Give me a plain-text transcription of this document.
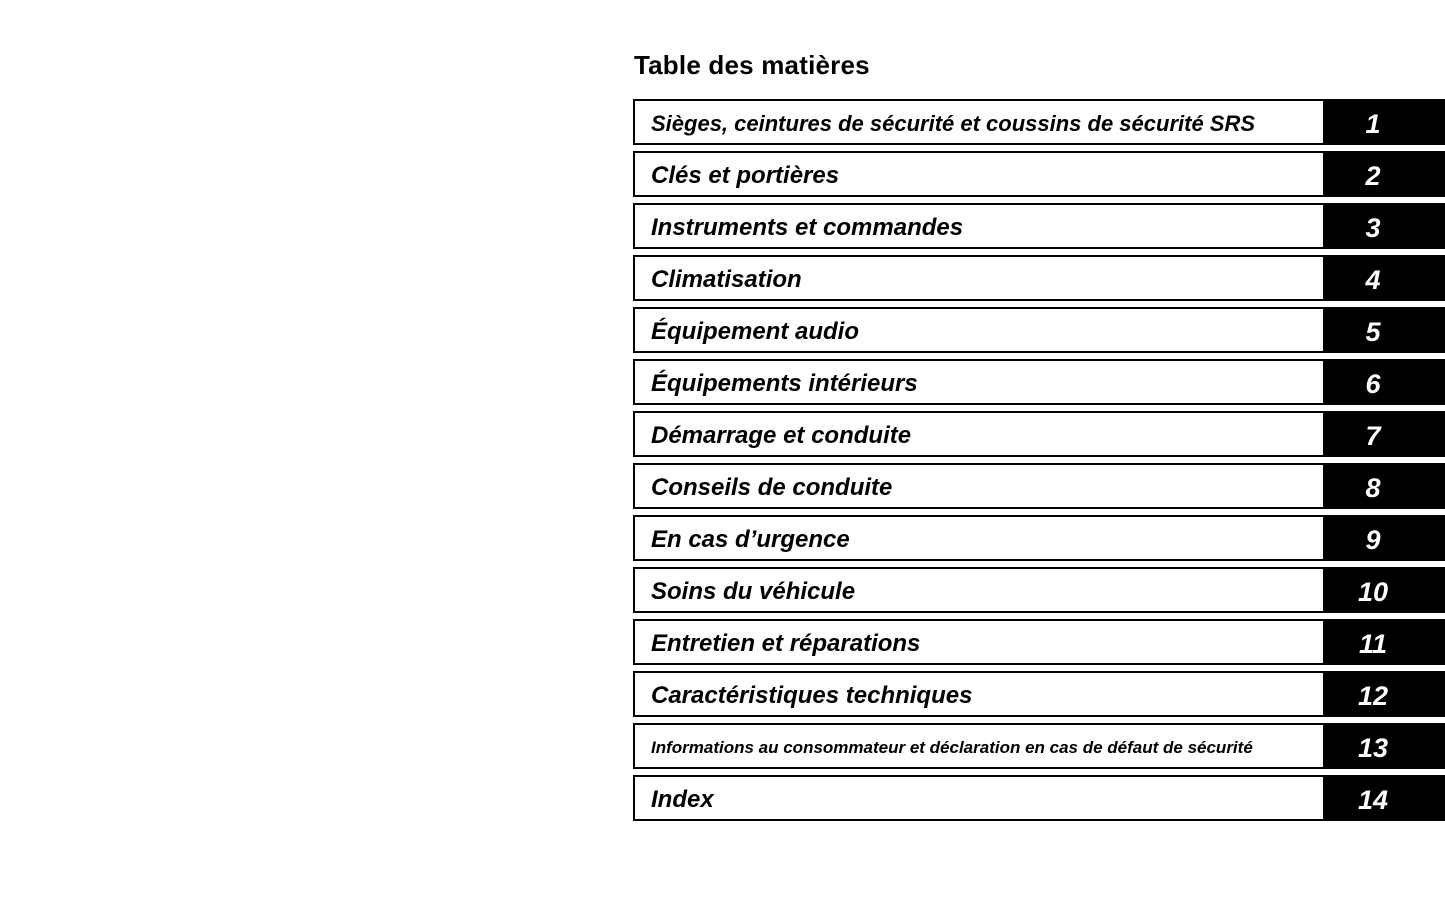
Table des matières
Sièges, ceintures de sécurité et coussins de sécurité SRS	1
Clés et portières	2
Instruments et commandes	3
Climatisation	4
Équipement audio	5
Équipements intérieurs	6
Démarrage et conduite	7
Conseils de conduite	8
En cas d’urgence	9
Soins du véhicule	10
Entretien et réparations	11
Caractéristiques techniques	12
Informations au consommateur et déclaration en cas de défaut de sécurité	13
Index	14
